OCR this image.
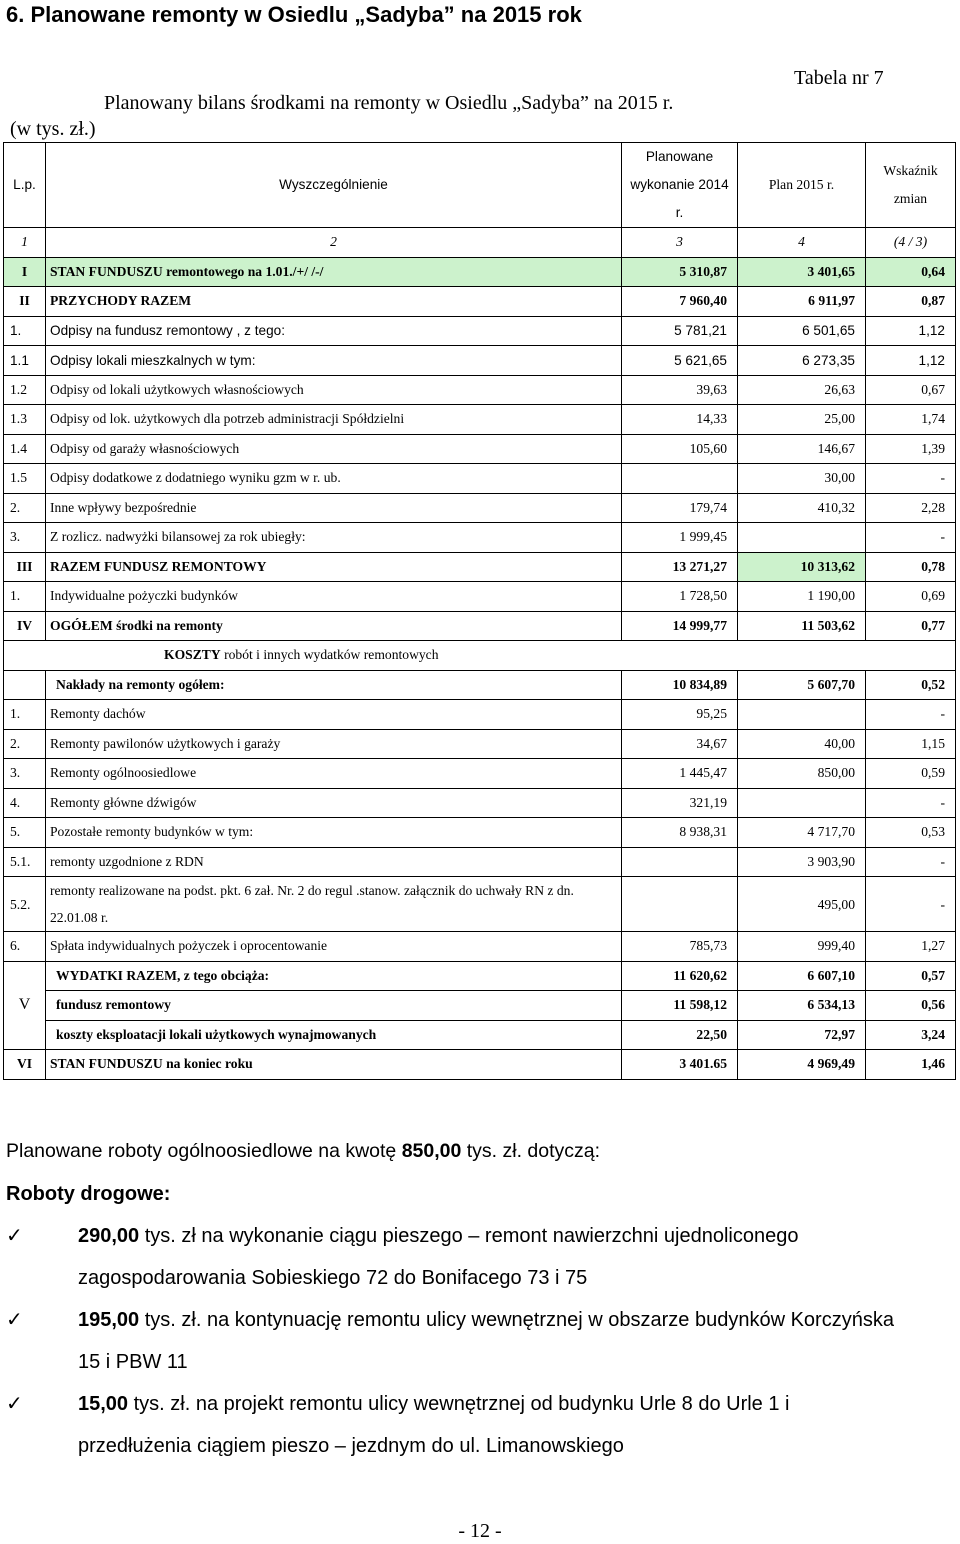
6. Planowane remonty w Osiedlu „Sadyba” na 2015 rok
Tabela nr 7
Planowany bilans środkami na remonty w Osiedlu „Sadyba” na 2015 r.
(w tys. zł.)
L.p.	Wyszczególnienie	Planowane wykonanie 2014 r.	Plan 2015 r.	Wskaźnik zmian
1	2	3	4	(4 / 3)
I	STAN FUNDUSZU remontowego na 1.01./+/ /-/	5 310,87	3 401,65	0,64
II	PRZYCHODY RAZEM	7 960,40	6 911,97	0,87
1.	Odpisy na fundusz remontowy , z tego:	5 781,21	6 501,65	1,12
1.1	Odpisy lokali mieszkalnych w tym:	5 621,65	6 273,35	1,12
1.2	Odpisy od lokali użytkowych własnościowych	39,63	26,63	0,67
1.3	Odpisy od lok. użytkowych dla potrzeb administracji Spółdzielni	14,33	25,00	1,74
1.4	Odpisy od garaży własnościowych	105,60	146,67	1,39
1.5	Odpisy dodatkowe z dodatniego wyniku gzm w r. ub.		30,00	-
2.	Inne wpływy bezpośrednie	179,74	410,32	2,28
3.	Z rozlicz. nadwyżki bilansowej za rok ubiegły:	1 999,45		-
III	RAZEM FUNDUSZ REMONTOWY	13 271,27	10 313,62	0,78
1.	Indywidualne pożyczki budynków	1 728,50	1 190,00	0,69
IV	OGÓŁEM środki na remonty	14 999,77	11 503,62	0,77
KOSZTY robót i innych wydatków remontowych				
	Nakłady na remonty ogółem:	10 834,89	5 607,70	0,52
1.	Remonty dachów	95,25		-
2.	Remonty pawilonów użytkowych i garaży	34,67	40,00	1,15
3.	Remonty ogólnoosiedlowe	1 445,47	850,00	0,59
4.	Remonty główne dźwigów	321,19		-
5.	Pozostałe remonty budynków w tym:	8 938,31	4 717,70	0,53
5.1.	remonty uzgodnione z RDN		3 903,90	-
5.2.	remonty realizowane na podst. pkt. 6 zał. Nr. 2 do regul .stanow. załącznik do uchwały RN z dn. 22.01.08 r.		495,00	-
6.	Spłata indywidualnych pożyczek i oprocentowanie	785,73	999,40	1,27
V	WYDATKI RAZEM, z tego obciąża:	11 620,62	6 607,10	0,57
	fundusz remontowy	11 598,12	6 534,13	0,56
	koszty eksploatacji lokali użytkowych wynajmowanych	22,50	72,97	3,24
VI	STAN FUNDUSZU na koniec roku	3 401.65	4 969,49	1,46
Planowane roboty ogólnoosiedlowe na kwotę 850,00 tys. zł. dotyczą:
Roboty drogowe:
✓	290,00 tys. zł na wykonanie ciągu pieszego – remont nawierzchni ujednoliconego zagospodarowania Sobieskiego 72 do Bonifacego 73 i 75
✓	195,00 tys. zł. na kontynuację remontu ulicy wewnętrznej w obszarze budynków Korczyńska 15 i PBW 11
✓	15,00 tys. zł. na projekt remontu ulicy wewnętrznej od budynku Urle 8 do Urle 1 i przedłużenia ciągiem pieszo – jezdnym do ul. Limanowskiego
- 12 -
